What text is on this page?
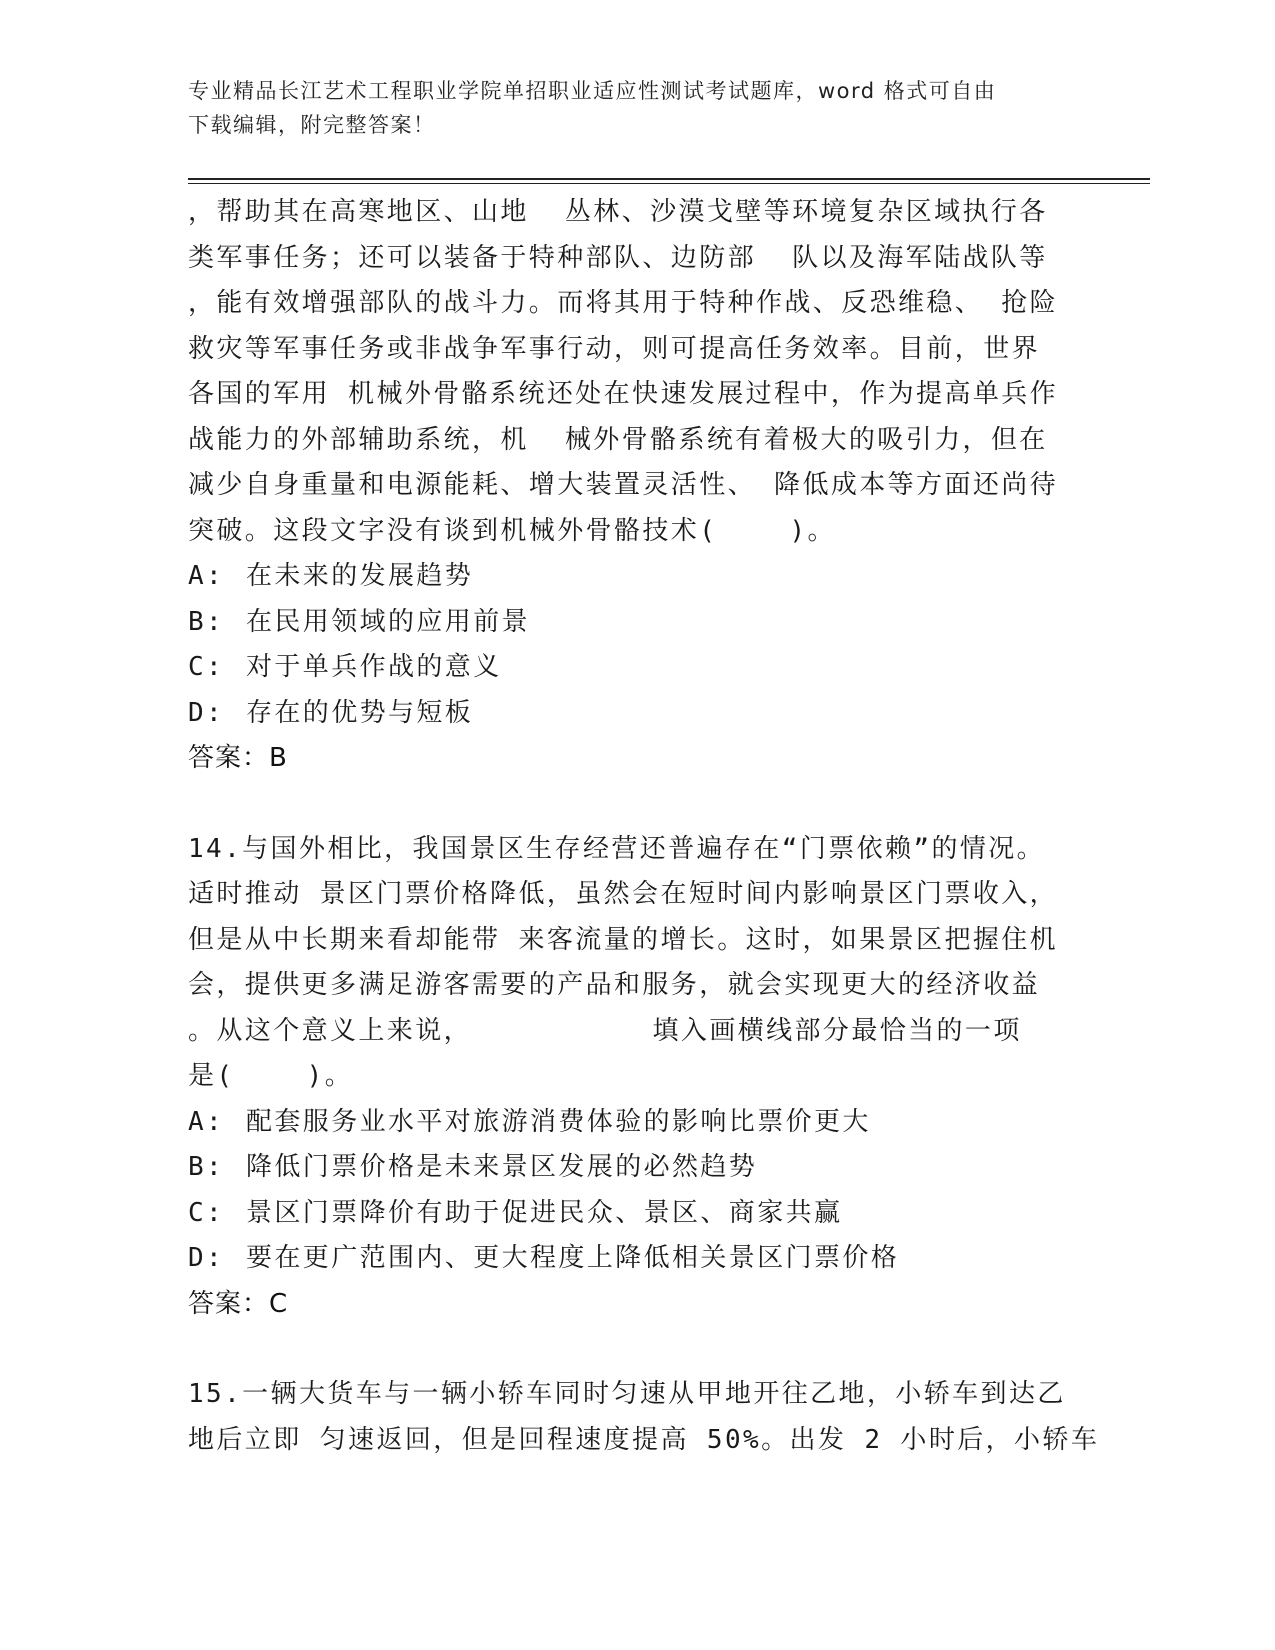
专业精品长江艺术工程职业学院单招职业适应性测试考试题库，word 格式可自由
下载编辑，附完整答案！
，帮助其在高寒地区、山地  丛林、沙漠戈壁等环境复杂区域执行各
类军事任务；还可以装备于特种部队、边防部  队以及海军陆战队等
，能有效增强部队的战斗力。而将其用于特种作战、反恐维稳、 抢险
救灾等军事任务或非战争军事行动，则可提高任务效率。目前，世界
各国的军用 机械外骨骼系统还处在快速发展过程中，作为提高单兵作
战能力的外部辅助系统，机  械外骨骼系统有着极大的吸引力，但在
减少自身重量和电源能耗、增大装置灵活性、 降低成本等方面还尚待
突破。这段文字没有谈到机械外骨骼技术(    )。
A: 在未来的发展趋势
B: 在民用领域的应用前景
C: 对于单兵作战的意义
D: 存在的优势与短板
答案：B
14.与国外相比，我国景区生存经营还普遍存在“门票依赖”的情况。
适时推动 景区门票价格降低，虽然会在短时间内影响景区门票收入，
但是从中长期来看却能带 来客流量的增长。这时，如果景区把握住机
会，提供更多满足游客需要的产品和服务，就会实现更大的经济收益
。从这个意义上来说，          填入画横线部分最恰当的一项
是(    )。
A: 配套服务业水平对旅游消费体验的影响比票价更大
B: 降低门票价格是未来景区发展的必然趋势
C: 景区门票降价有助于促进民众、景区、商家共赢
D: 要在更广范围内、更大程度上降低相关景区门票价格
答案：C
15.一辆大货车与一辆小轿车同时匀速从甲地开往乙地，小轿车到达乙
地后立即 匀速返回，但是回程速度提高 50%。出发 2 小时后，小轿车
